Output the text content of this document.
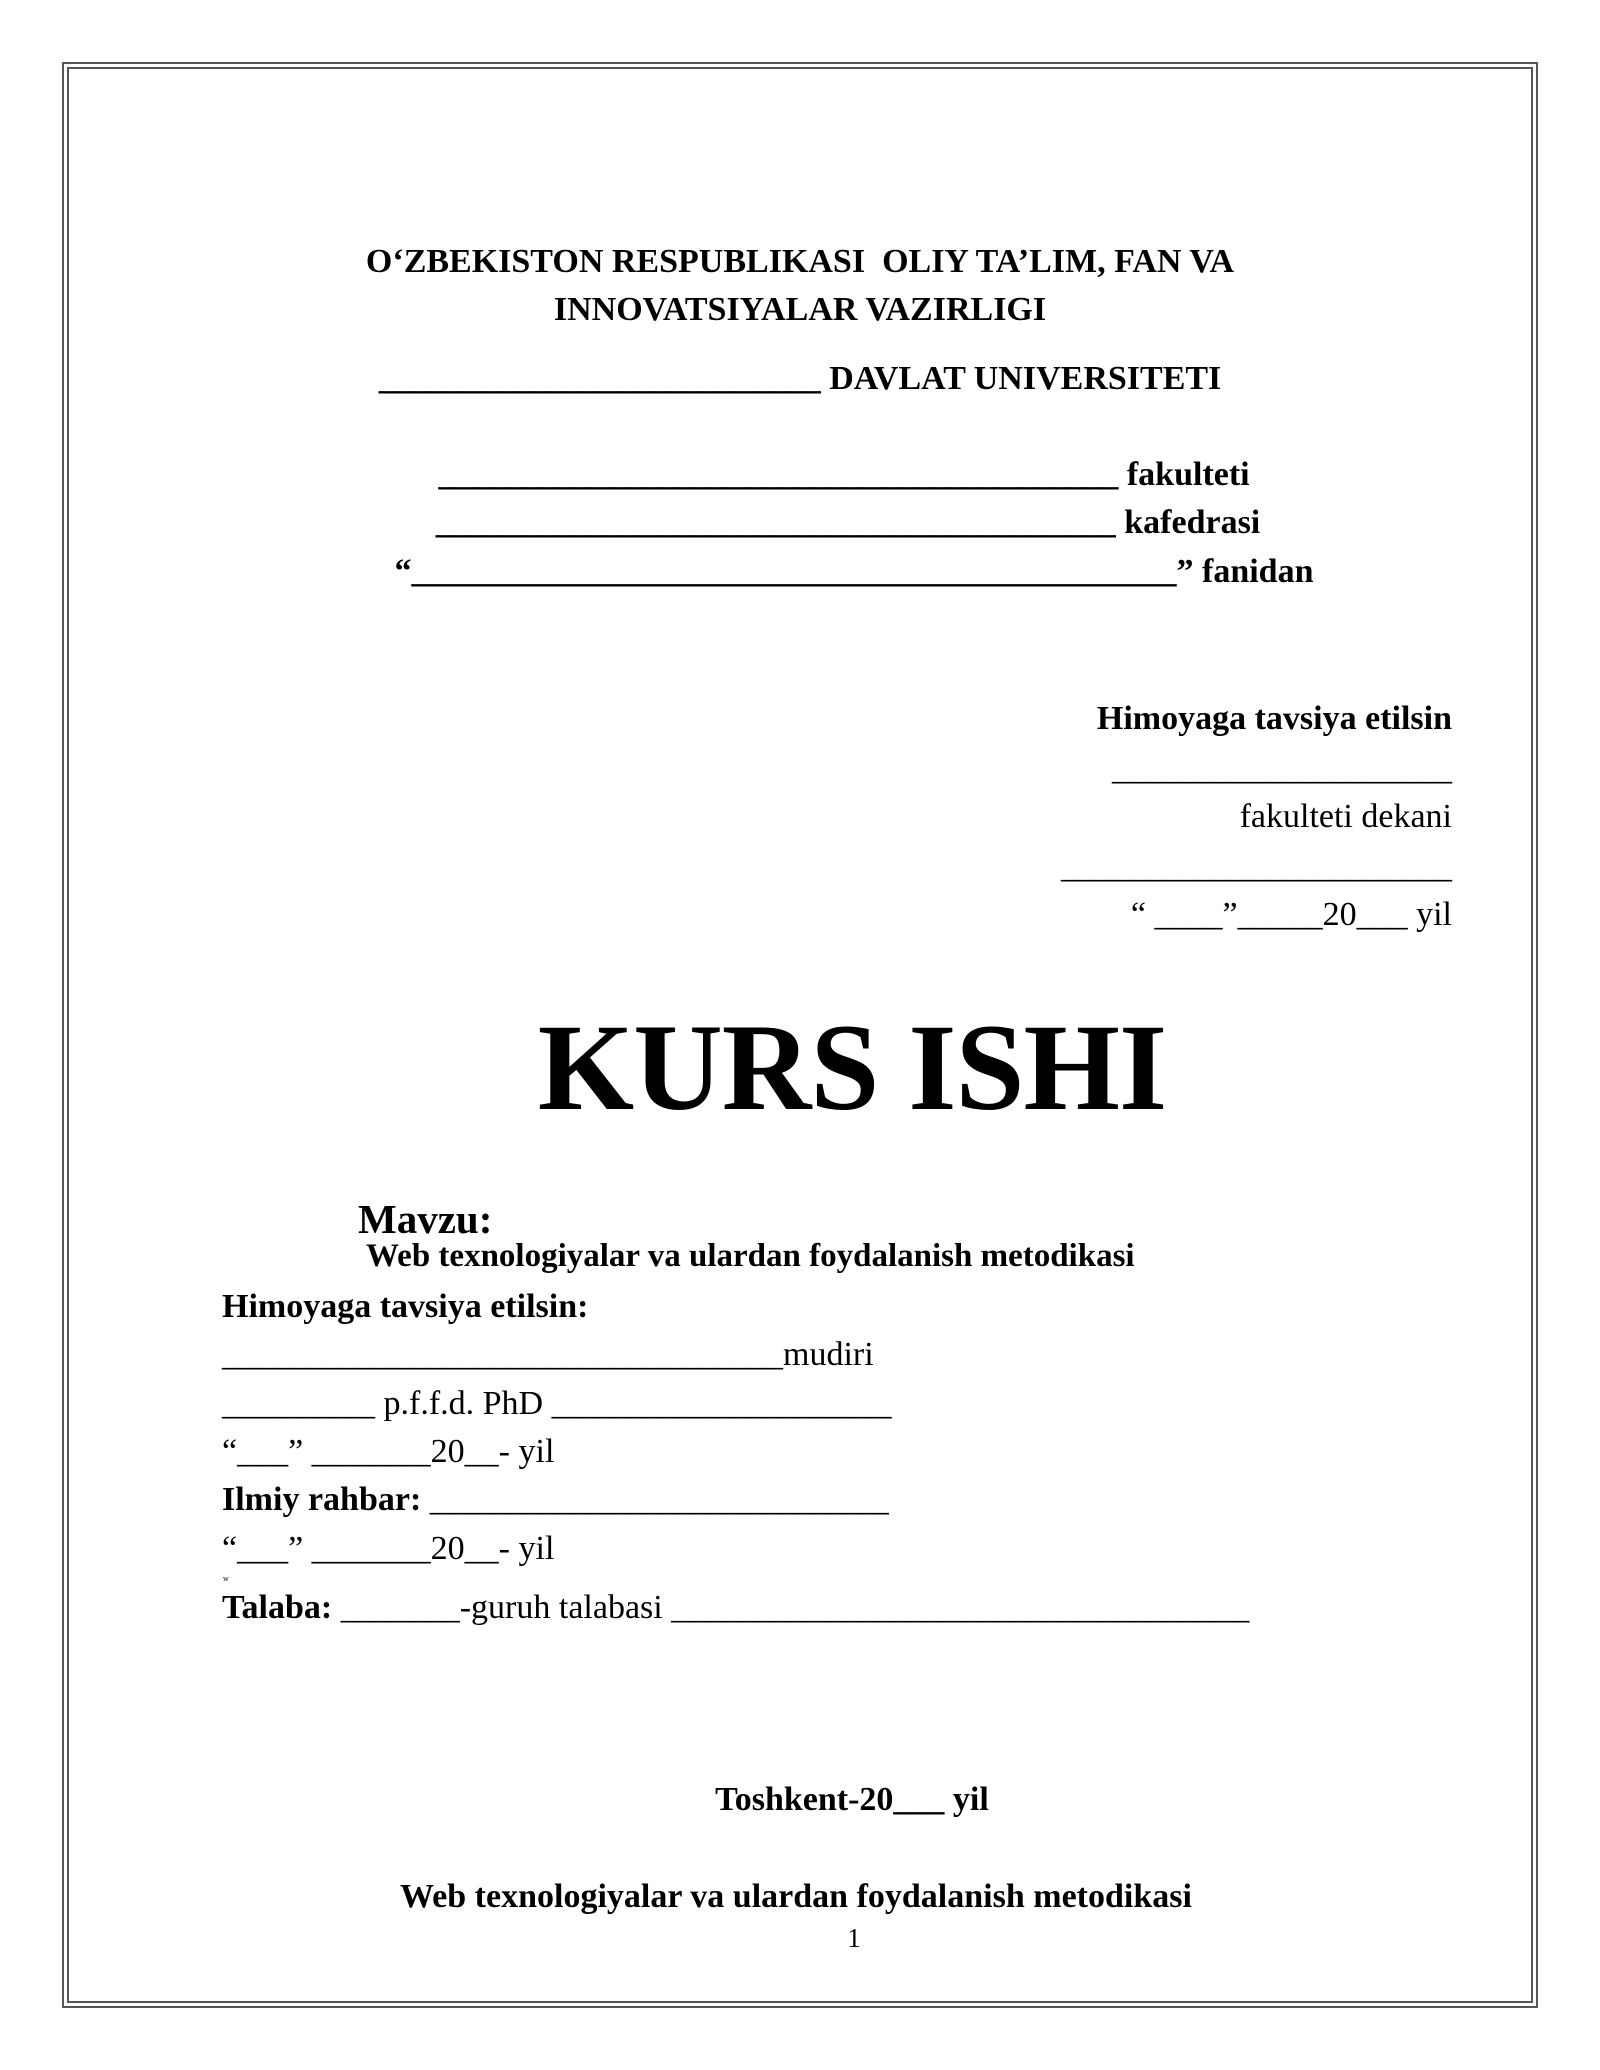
O‘ZBEKISTON RESPUBLIKASI  OLIY TA’LIM, FAN VA
INNOVATSIYALAR VAZIRLIGI
__________________________ DAVLAT UNIVERSITETI
________________________________________ fakulteti
________________________________________ kafedrasi
“_____________________________________________” fanidan
Himoyaga tavsiya etilsin
____________________
fakulteti dekani
_______________________
“ ____”_____20___ yil
KURS ISHI

Mavzu:
Web texnologiyalar va ulardan foydalanish metodikasi

Himoyaga tavsiya etilsin:
_________________________________mudiri
_________ p.f.f.d. PhD ____________________
“___” _______20__- yil
Ilmiy rahbar: ___________________________
“___” _______20__- yil
w
Talaba: _______-guruh talabasi __________________________________
Toshkent-20___ yil
Web texnologiyalar va ulardan foydalanish metodikasi
1
